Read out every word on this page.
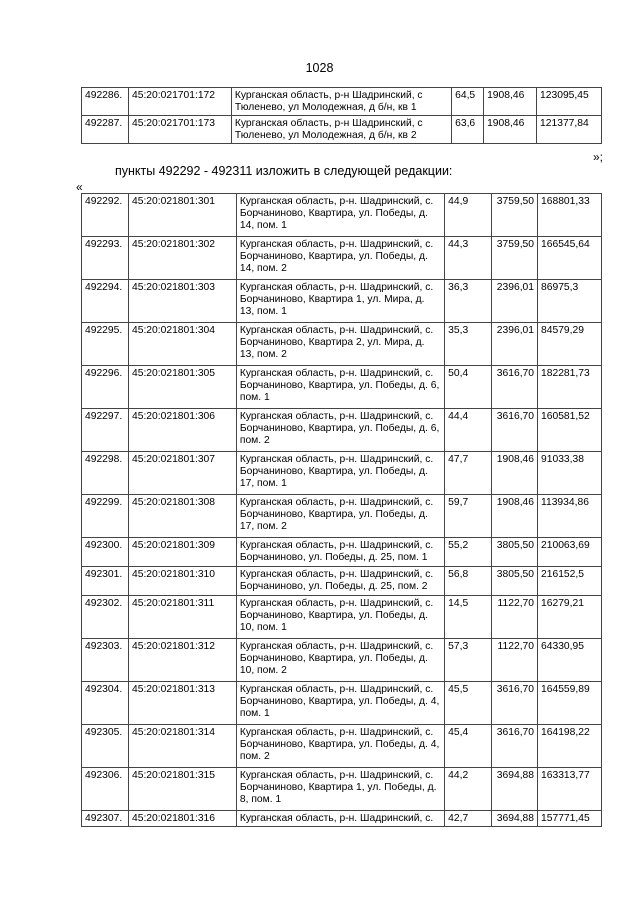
1028
492286.	45:20:021701:172	Курганская область, р-н Шадринский, с Тюленево, ул Молодежная, д б/н, кв 1	64,5	1908,46	123095,45
492287.	45:20:021701:173	Курганская область, р-н Шадринский, с Тюленево, ул Молодежная, д б/н, кв 2	63,6	1908,46	121377,84
»;
пункты 492292 - 492311 изложить в следующей редакции:
«
492292.	45:20:021801:301	Курганская область, р-н. Шадринский, с. Борчаниново, Квартира, ул. Победы, д. 14, пом. 1	44,9	3759,50	168801,33
492293.	45:20:021801:302	Курганская область, р-н. Шадринский, с. Борчаниново, Квартира, ул. Победы, д. 14, пом. 2	44,3	3759,50	166545,64
492294.	45:20:021801:303	Курганская область, р-н. Шадринский, с. Борчаниново, Квартира 1, ул. Мира, д. 13, пом. 1	36,3	2396,01	86975,3
492295.	45:20:021801:304	Курганская область, р-н. Шадринский, с. Борчаниново, Квартира 2, ул. Мира, д. 13, пом. 2	35,3	2396,01	84579,29
492296.	45:20:021801:305	Курганская область, р-н. Шадринский, с. Борчаниново, Квартира, ул. Победы, д. 6, пом. 1	50,4	3616,70	182281,73
492297.	45:20:021801:306	Курганская область, р-н. Шадринский, с. Борчаниново, Квартира, ул. Победы, д. 6, пом. 2	44,4	3616,70	160581,52
492298.	45:20:021801:307	Курганская область, р-н. Шадринский, с. Борчаниново, Квартира, ул. Победы, д. 17, пом. 1	47,7	1908,46	91033,38
492299.	45:20:021801:308	Курганская область, р-н. Шадринский, с. Борчаниново, Квартира, ул. Победы, д. 17, пом. 2	59,7	1908,46	113934,86
492300.	45:20:021801:309	Курганская область, р-н. Шадринский, с. Борчаниново, ул. Победы, д. 25, пом. 1	55,2	3805,50	210063,69
492301.	45:20:021801:310	Курганская область, р-н. Шадринский, с. Борчаниново, ул. Победы, д. 25, пом. 2	56,8	3805,50	216152,5
492302.	45:20:021801:311	Курганская область, р-н. Шадринский, с. Борчаниново, Квартира, ул. Победы, д. 10, пом. 1	14,5	1122,70	16279,21
492303.	45:20:021801:312	Курганская область, р-н. Шадринский, с. Борчаниново, Квартира, ул. Победы, д. 10, пом. 2	57,3	1122,70	64330,95
492304.	45:20:021801:313	Курганская область, р-н. Шадринский, с. Борчаниново, Квартира, ул. Победы, д. 4, пом. 1	45,5	3616,70	164559,89
492305.	45:20:021801:314	Курганская область, р-н. Шадринский, с. Борчаниново, Квартира, ул. Победы, д. 4, пом. 2	45,4	3616,70	164198,22
492306.	45:20:021801:315	Курганская область, р-н. Шадринский, с. Борчаниново, Квартира 1, ул. Победы, д. 8, пом. 1	44,2	3694,88	163313,77
492307.	45:20:021801:316	Курганская область, р-н. Шадринский, с.	42,7	3694,88	157771,45
